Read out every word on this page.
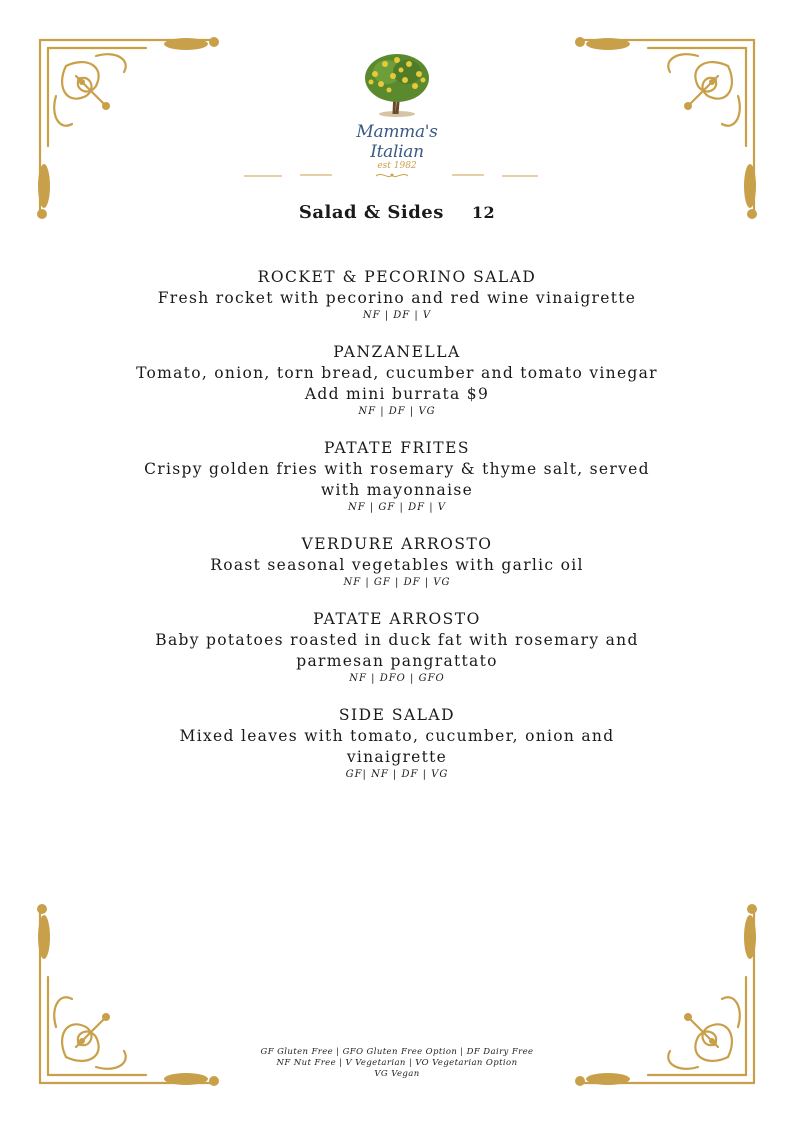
Mamma's Italian
est 1982
Salad & Sides 12
ROCKET & PECORINO SALAD
Fresh rocket with pecorino and red wine vinaigrette
NF | DF | V
PANZANELLA
Tomato, onion, torn bread, cucumber and tomato vinegar
Add mini burrata $9
NF | DF | VG
PATATE FRITES
Crispy golden fries with rosemary & thyme salt, served
with mayonnaise
NF | GF | DF | V
VERDURE ARROSTO
Roast seasonal vegetables with garlic oil
NF | GF | DF | VG
PATATE ARROSTO
Baby potatoes roasted in duck fat with rosemary and
parmesan pangrattato
NF | DFO | GFO
SIDE SALAD
Mixed leaves with tomato, cucumber, onion and
vinaigrette
GF| NF | DF | VG
GF Gluten Free | GFO Gluten Free Option | DF Dairy Free
NF Nut Free | V Vegetarian | VO Vegetarian Option
VG Vegan
